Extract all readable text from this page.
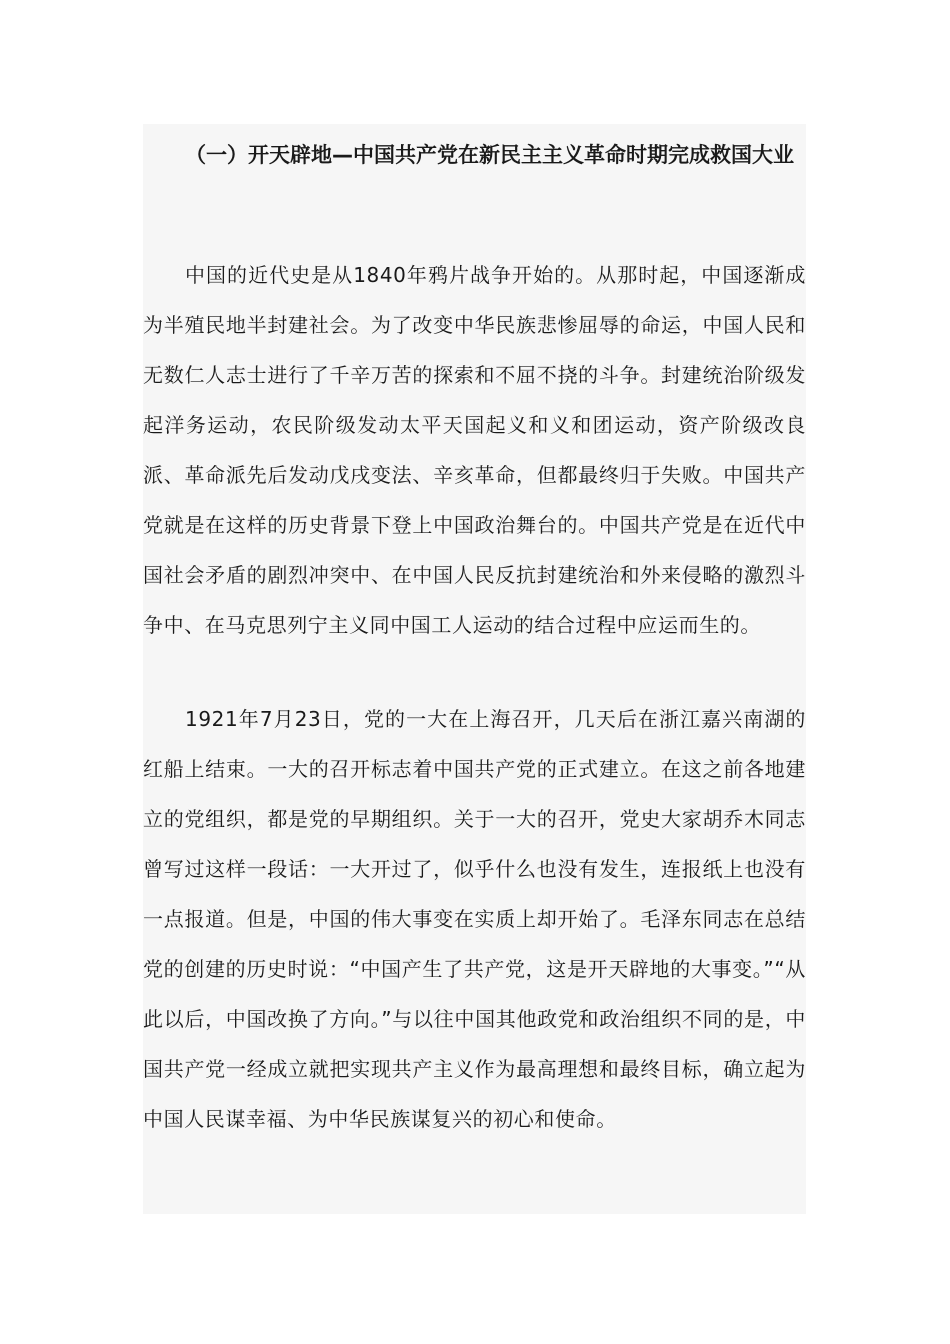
（一）开天辟地—中国共产党在新民主主义革命时期完成救国大业

中国的近代史是从1840年鸦片战争开始的。从那时起，中国逐渐成为半殖民地半封建社会。为了改变中华民族悲惨屈辱的命运，中国人民和无数仁人志士进行了千辛万苦的探索和不屈不挠的斗争。封建统治阶级发起洋务运动，农民阶级发动太平天国起义和义和团运动，资产阶级改良派、革命派先后发动戊戌变法、辛亥革命，但都最终归于失败。中国共产党就是在这样的历史背景下登上中国政治舞台的。中国共产党是在近代中国社会矛盾的剧烈冲突中、在中国人民反抗封建统治和外来侵略的激烈斗争中、在马克思列宁主义同中国工人运动的结合过程中应运而生的。

1921年7月23日，党的一大在上海召开，几天后在浙江嘉兴南湖的红船上结束。一大的召开标志着中国共产党的正式建立。在这之前各地建立的党组织，都是党的早期组织。关于一大的召开，党史大家胡乔木同志曾写过这样一段话：一大开过了，似乎什么也没有发生，连报纸上也没有一点报道。但是，中国的伟大事变在实质上却开始了。毛泽东同志在总结党的创建的历史时说：“中国产生了共产党，这是开天辟地的大事变。”“从此以后，中国改换了方向。”与以往中国其他政党和政治组织不同的是，中国共产党一经成立就把实现共产主义作为最高理想和最终目标，确立起为中国人民谋幸福、为中华民族谋复兴的初心和使命。
